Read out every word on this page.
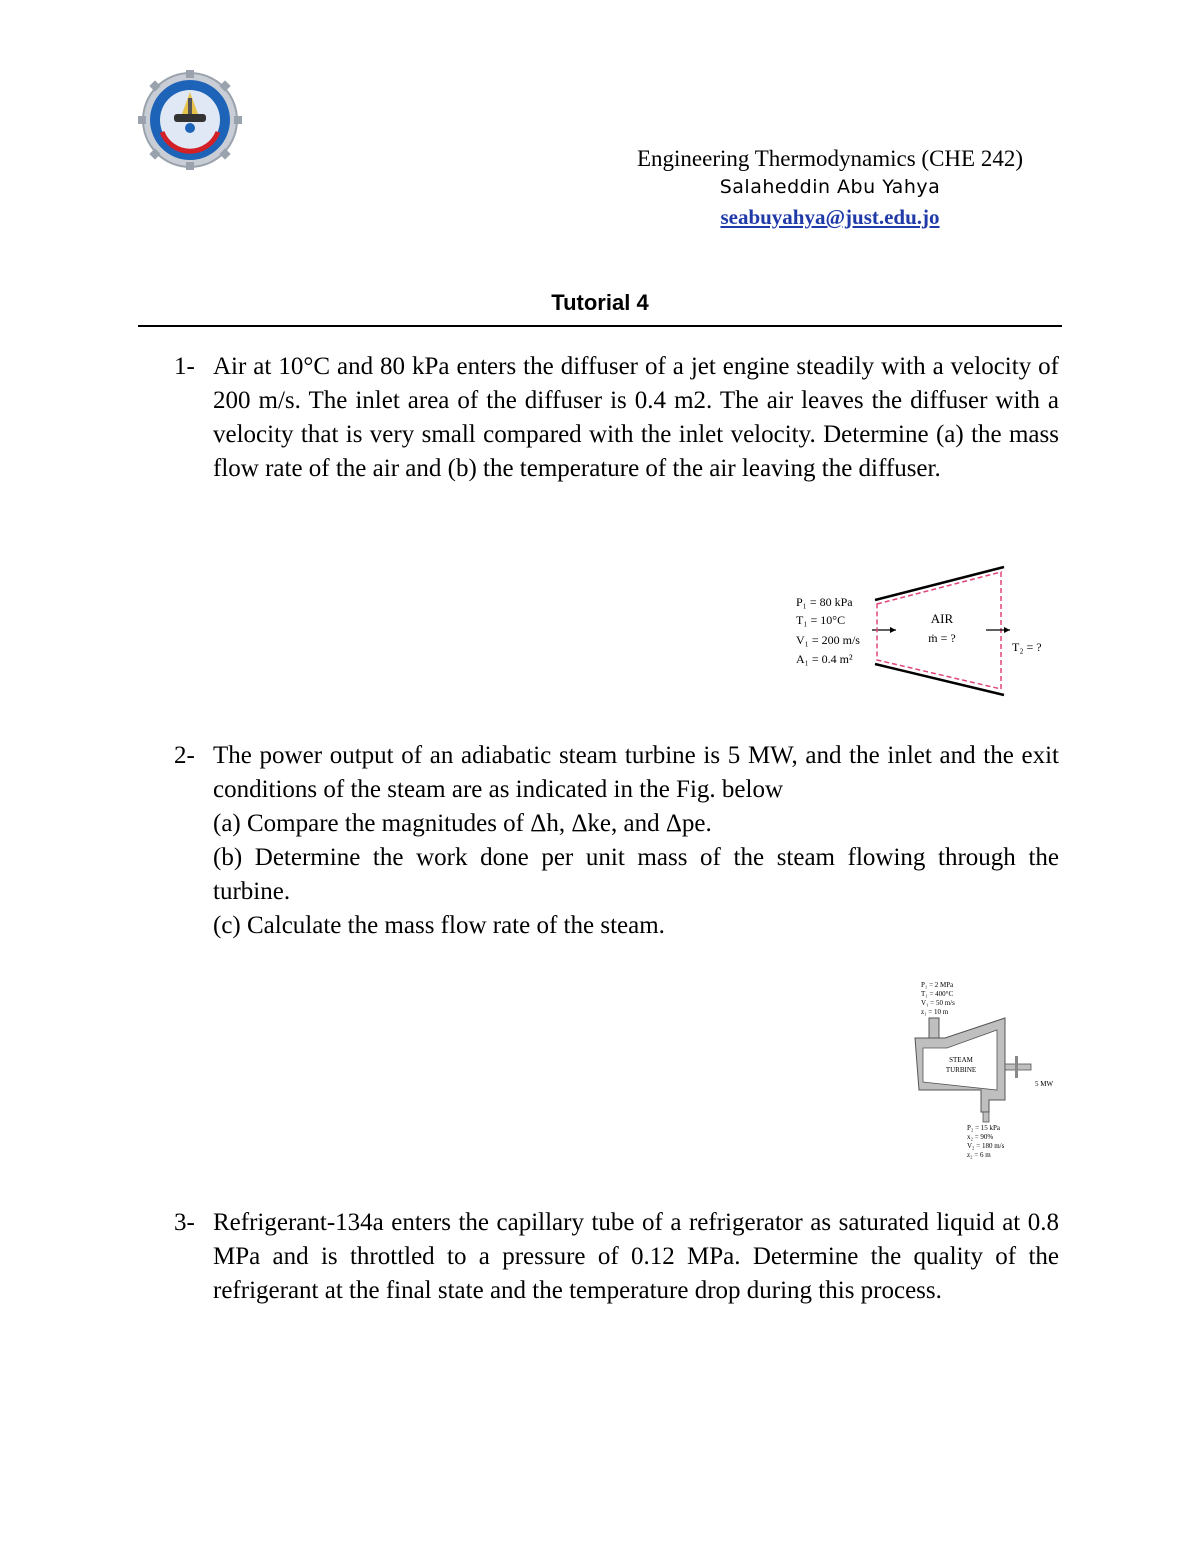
Engineering Thermodynamics (CHE 242)
Salaheddin Abu Yahya
seabuyahya@just.edu.jo
Tutorial 4
1- Air at 10°C and 80 kPa enters the diffuser of a jet engine steadily with a velocity of 200 m/s. The inlet area of the diffuser is 0.4 m2. The air leaves the diffuser with a velocity that is very small compared with the inlet velocity. Determine (a) the mass flow rate of the air and (b) the temperature of the air leaving the diffuser.

P₁ = 80 kPa
T₁ = 10°C
V₁ = 200 m/s
A₁ = 0.4 m²
AIR
ṁ = ?
T₂ = ?
2- The power output of an adiabatic steam turbine is 5 MW, and the inlet and the exit conditions of the steam are as indicated in the Fig. below

(a) Compare the magnitudes of Δh, Δke, and Δpe.

(b) Determine the work done per unit mass of the steam flowing through the turbine.

(c) Calculate the mass flow rate of the steam.

P₁ = 2 MPa
T₁ = 400°C
V₁ = 50 m/s
z₁ = 10 m
STEAM
TURBINE
5 MW
P₂ = 15 kPa
x₂ = 90%
V₂ = 180 m/s
z₂ = 6 m
3- Refrigerant-134a enters the capillary tube of a refrigerator as saturated liquid at 0.8 MPa and is throttled to a pressure of 0.12 MPa. Determine the quality of the refrigerant at the final state and the temperature drop during this process.
